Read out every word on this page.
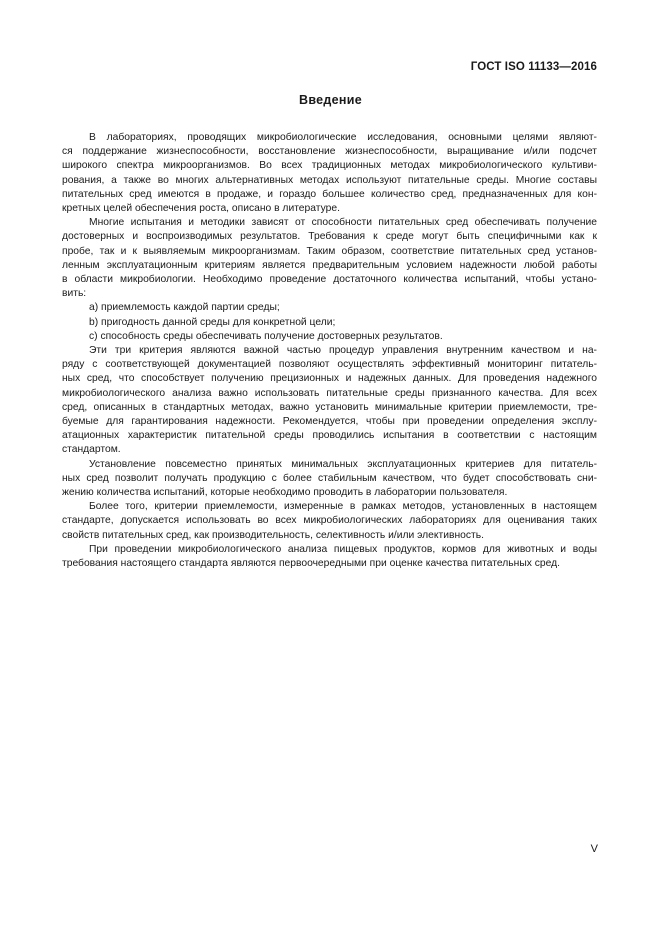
ГОСТ ISO 11133—2016
Введение

В лабораториях, проводящих микробиологические исследования, основными целями являют-
ся поддержание жизнеспособности, восстановление жизнеспособности, выращивание и/или подсчет
широкого спектра микроорганизмов. Во всех традиционных методах микробиологического культиви-
рования, а также во многих альтернативных методах используют питательные среды. Многие составы
питательных сред имеются в продаже, и гораздо большее количество сред, предназначенных для кон-
кретных целей обеспечения роста, описано в литературе.

Многие испытания и методики зависят от способности питательных сред обеспечивать получение
достоверных и воспроизводимых результатов. Требования к среде могут быть специфичными как к
пробе, так и к выявляемым микроорганизмам. Таким образом, соответствие питательных сред установ-
ленным эксплуатационным критериям является предварительным условием надежности любой работы
в области микробиологии. Необходимо проведение достаточного количества испытаний, чтобы устано-
вить:

a) приемлемость каждой партии среды;

b) пригодность данной среды для конкретной цели;

c) способность среды обеспечивать получение достоверных результатов.

Эти три критерия являются важной частью процедур управления внутренним качеством и на-
ряду с соответствующей документацией позволяют осуществлять эффективный мониторинг питатель-
ных сред, что способствует получению прецизионных и надежных данных. Для проведения надежного
микробиологического анализа важно использовать питательные среды признанного качества. Для всех
сред, описанных в стандартных методах, важно установить минимальные критерии приемлемости, тре-
буемые для гарантирования надежности. Рекомендуется, чтобы при проведении определения эксплу-
атационных характеристик питательной среды проводились испытания в соответствии с настоящим
стандартом.

Установление повсеместно принятых минимальных эксплуатационных критериев для питатель-
ных сред позволит получать продукцию с более стабильным качеством, что будет способствовать сни-
жению количества испытаний, которые необходимо проводить в лаборатории пользователя.

Более того, критерии приемлемости, измеренные в рамках методов, установленных в настоящем
стандарте, допускается использовать во всех микробиологических лабораториях для оценивания таких
свойств питательных сред, как производительность, селективность и/или элективность.

При проведении микробиологического анализа пищевых продуктов, кормов для животных и воды
требования настоящего стандарта являются первоочередными при оценке качества питательных сред.

V
